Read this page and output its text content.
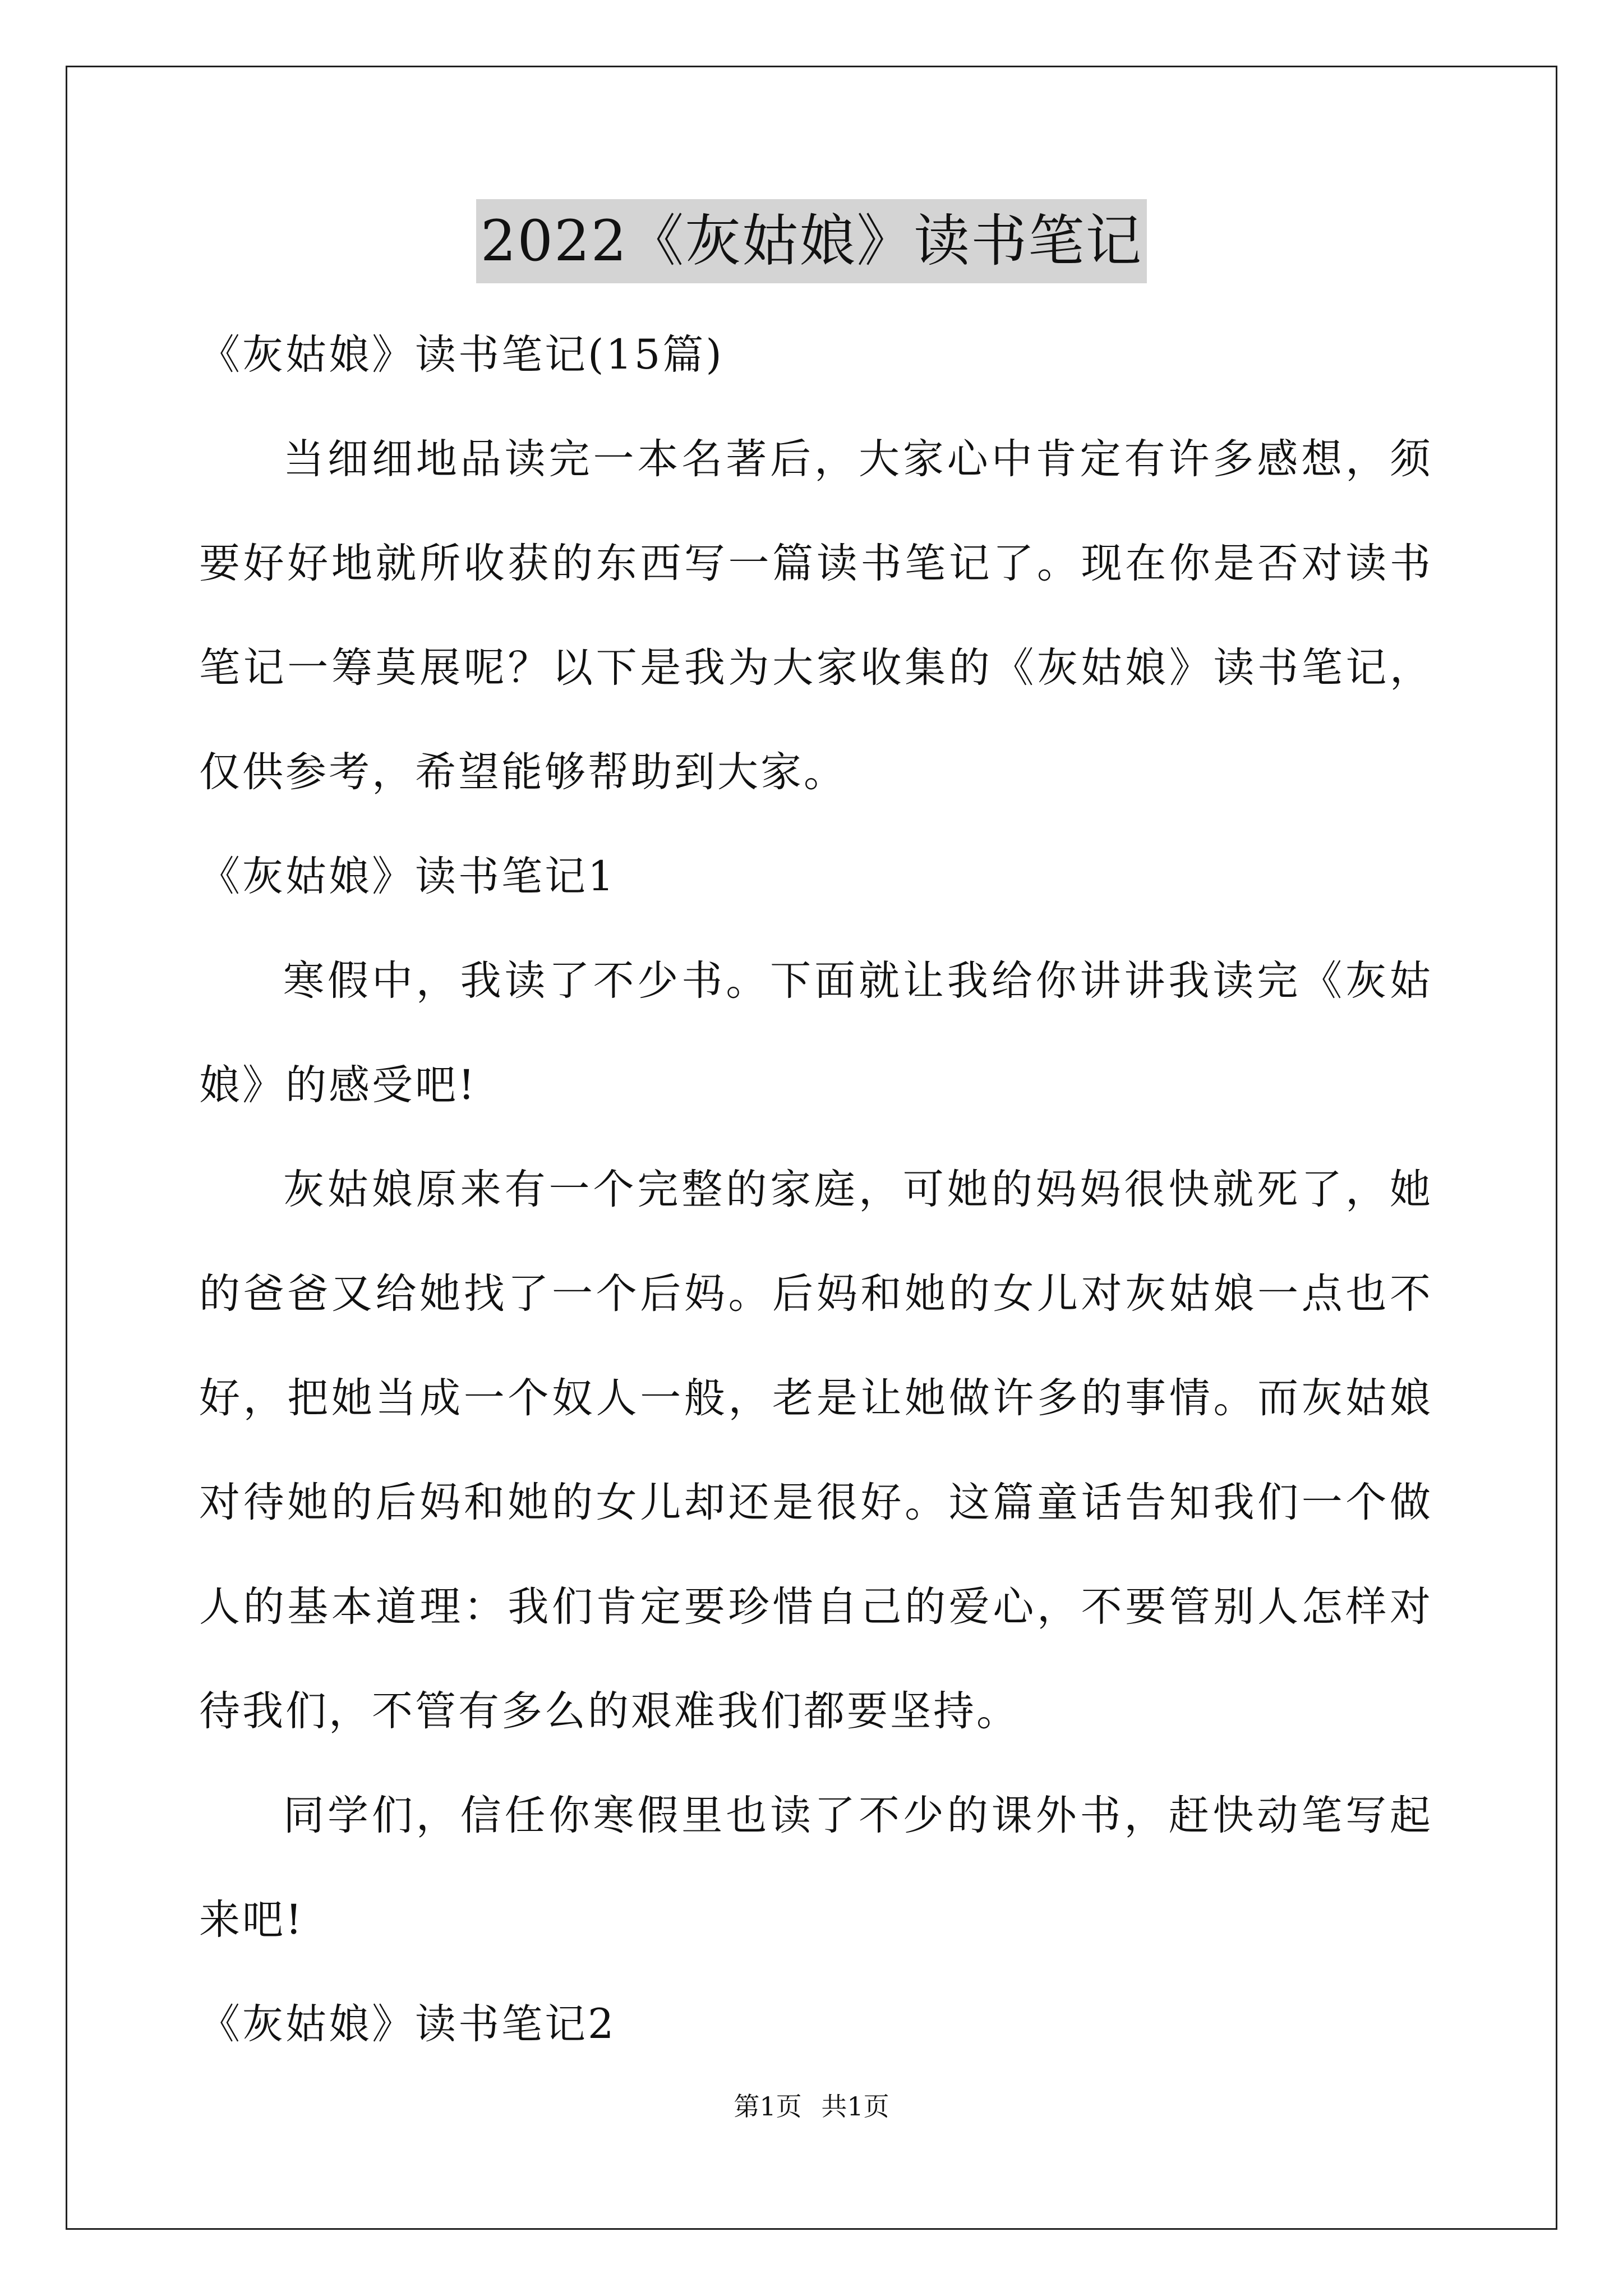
2022《灰姑娘》读书笔记

《灰姑娘》读书笔记(15篇)

当细细地品读完一本名著后，大家心中肯定有许多感想，须要好好地就所收获的东西写一篇读书笔记了。现在你是否对读书笔记一筹莫展呢？以下是我为大家收集的《灰姑娘》读书笔记，仅供参考，希望能够帮助到大家。

《灰姑娘》读书笔记1

寒假中，我读了不少书。下面就让我给你讲讲我读完《灰姑娘》的感受吧!

灰姑娘原来有一个完整的家庭，可她的妈妈很快就死了，她的爸爸又给她找了一个后妈。后妈和她的女儿对灰姑娘一点也不好，把她当成一个奴人一般，老是让她做许多的事情。而灰姑娘对待她的后妈和她的女儿却还是很好。这篇童话告知我们一个做人的基本道理：我们肯定要珍惜自己的爱心，不要管别人怎样对待我们，不管有多么的艰难我们都要坚持。

同学们，信任你寒假里也读了不少的课外书，赶快动笔写起来吧!

《灰姑娘》读书笔记2

第1页 共1页
